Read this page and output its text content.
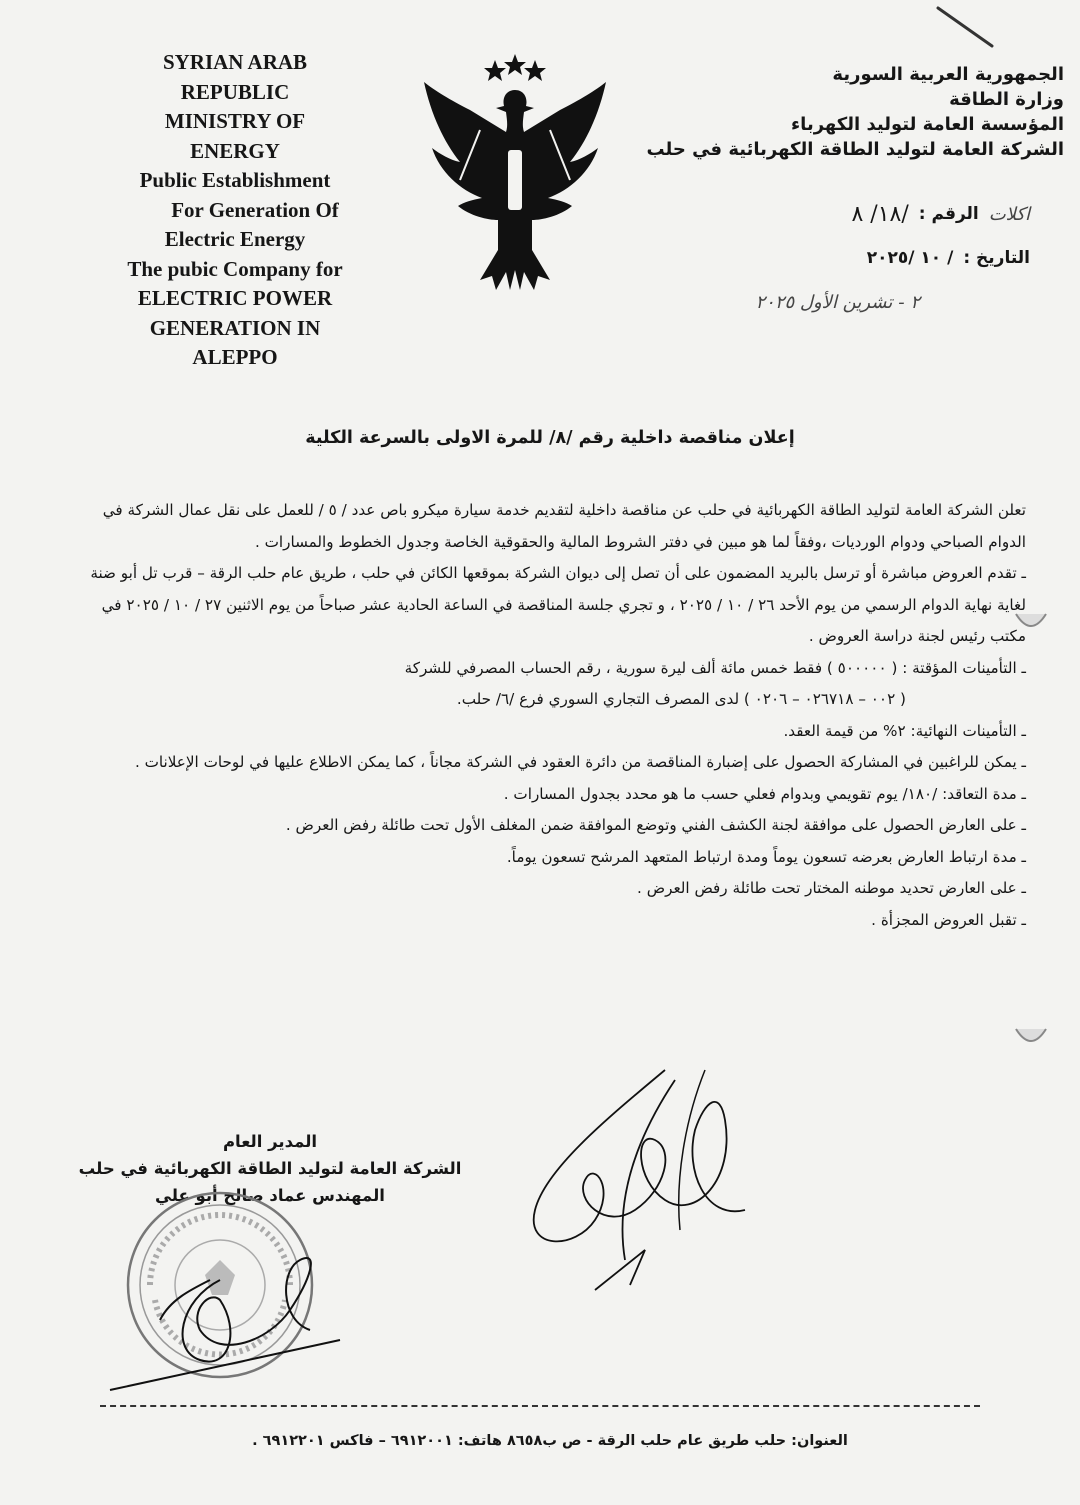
SYRIAN ARAB
REPUBLIC
MINISTRY OF
ENERGY
Public Establishment
For Generation Of
Electric Energy
The pubic Company for
ELECTRIC POWER
GENERATION IN
ALEPPO
الجمهورية العربية السورية
وزارة الطاقة
المؤسسة العامة لتوليد الكهرباء
الشركة العامة لتوليد الطاقة الكهربائية في حلب
اكلات
الرقم :
/١٨/ ٨
التاريخ :
/ ١٠ /٢٠٢٥
٢ - تشرين الأول ٢٠٢٥
إعلان مناقصة داخلية رقم /٨/ للمرة الاولى بالسرعة الكلية

تعلن الشركة العامة لتوليد الطاقة الكهربائية في حلب عن مناقصة داخلية لتقديم خدمة سيارة ميكرو باص عدد / ٥ / للعمل على نقل عمال الشركة في الدوام الصباحي ودوام الورديات ،وفقاً لما هو مبين في دفتر الشروط المالية والحقوقية الخاصة وجدول الخطوط والمسارات .

ـ تقدم العروض مباشرة أو ترسل بالبريد المضمون على أن تصل إلى ديوان الشركة بموقعها الكائن في حلب ، طريق عام حلب الرقة – قرب تل أبو ضنة لغاية نهاية الدوام الرسمي من يوم الأحد ٢٦ / ١٠ / ٢٠٢٥ ، و تجري جلسة المناقصة في الساعة الحادية عشر صباحاً من يوم الاثنين ٢٧ / ١٠ / ٢٠٢٥ في مكتب رئيس لجنة دراسة العروض .

ـ التأمينات المؤقتة : ( ٥٠٠٠٠٠ ) فقط خمس مائة ألف ليرة سورية ، رقم الحساب المصرفي للشركة

( ٠٠٢ – ٠٢٦٧١٨ – ٠٢٠٦ ) لدى المصرف التجاري السوري فرع /٦/ حلب.

ـ التأمينات النهائية: ٢% من قيمة العقد.

ـ يمكن للراغبين في المشاركة الحصول على إضبارة المناقصة من دائرة العقود في الشركة مجاناً ، كما يمكن الاطلاع عليها في لوحات الإعلانات .

ـ مدة التعاقد: /١٨٠/ يوم تقويمي وبدوام فعلي حسب ما هو محدد بجدول المسارات .

ـ على العارض الحصول على موافقة لجنة الكشف الفني وتوضع الموافقة ضمن المغلف الأول تحت طائلة رفض العرض .

ـ مدة ارتباط العارض بعرضه تسعون يوماً ومدة ارتباط المتعهد المرشح تسعون يوماً.

ـ على العارض تحديد موطنه المختار تحت طائلة رفض العرض .

ـ تقبل العروض المجزأة .

المدير العام
الشركة العامة لتوليد الطاقة الكهربائية في حلب
المهندس عماد صالح أبو علي
العنوان: حلب طريق عام حلب الرقة - ص ب٨٦٥٨ هاتف: ٦٩١٢٠٠١ – فاكس ٦٩١٢٢٠١ .
